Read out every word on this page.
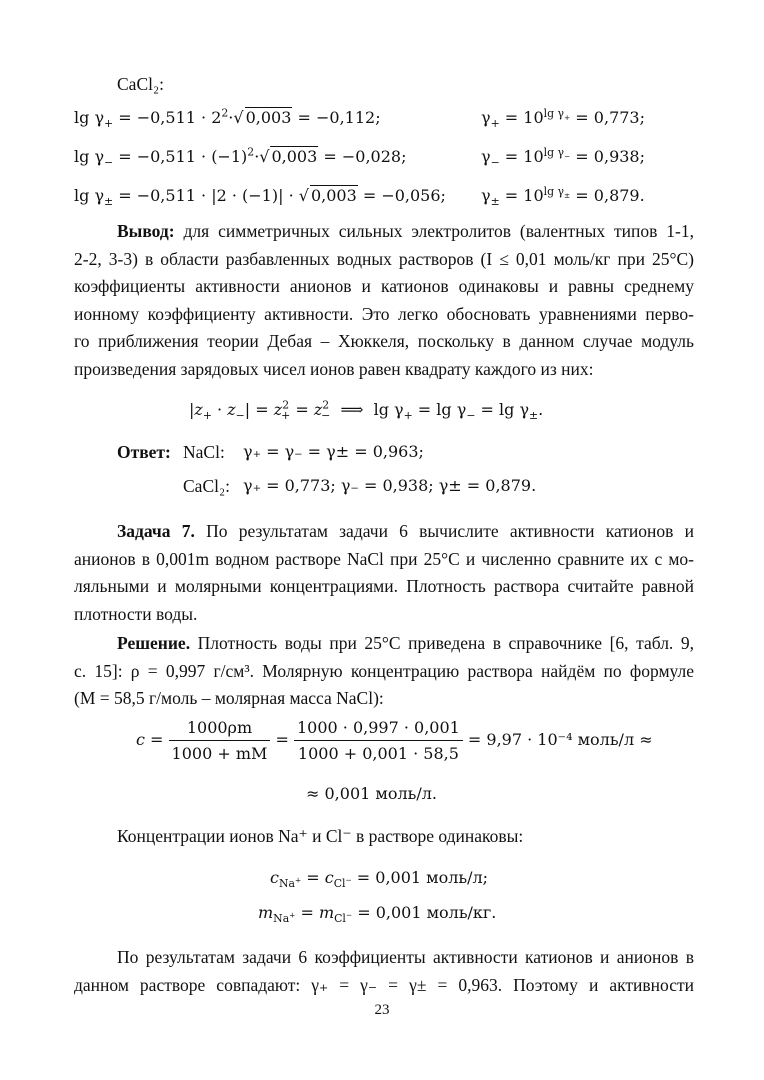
CaCl₂:
$\lg \gamma_+ = -0,511 \cdot 2^2\cdot√$ 0,003 = −0,112;	$\gamma_+ = 10^{lg \gamma_+} = 0,773$;
$\lg \gamma_- = -0,511 \cdot (-1)^2\cdot√$ 0,003 = −0,028;	$\gamma_- = 10^{lg \gamma_-} = 0,938$;
$\lg \gamma_\pm = -0,511 \cdot |2 \cdot (-1)|$ · √ 0,003 = −0,056; $\gamma_\pm = 10^{lg \gamma_\pm} = 0,879$.
Вывод: для симметричных сильных электролитов (валентных типов 1-1,
2-2, 3-3) в области разбавленных водных растворов (I ≤ 0,01 моль/кг при 25°C)
коэффициенты активности анионов и катионов одинаковы и равны среднему
ионному коэффициенту активности. Это легко обосновать уравнениями перво-
го приближения теории Дебая – Хюккеля, поскольку в данном случае модуль
произведения зарядовых чисел ионов равен квадрату каждого из них:
$|z_+ \cdot z_-| = z^2_+ = z^2_-$  ⟹  $\lg \gamma_+ = \lg \gamma_- = \lg \gamma_\pm$.
Ответ: NaCl: γ₊ = γ₋ = γ± = 0,963;
CaCl₂: γ₊ = 0,773; γ₋ = 0,938; γ± = 0,879.
Задача 7. По результатам задачи 6 вычислите активности катионов и
анионов в 0,001m водном растворе NaCl при 25°C и численно сравните их с мо-
ляльными и молярными концентрациями. Плотность раствора считайте равной
плотности воды.
Решение. Плотность воды при 25°C приведена в справочнике [6, табл. 9,
с. 15]: ρ = 0,997 г/см³. Молярную концентрацию раствора найдём по формуле
(M = 58,5 г/моль – молярная масса NaCl):
$c = \frac{1000\rho m}{1000 + mM} = \frac{1000 \cdot 0,997 \cdot 0,001}{1000 + 0,001 \cdot 58,5} = 9,97 \cdot 10^{-4}$ моль/л ≈
≈ 0,001 моль/л.
Концентрации ионов Na⁺ и Cl⁻ в растворе одинаковы:
$c_{Na^+} = c_{Cl^-} = 0,001$ моль/л;
$m_{Na^+} = m_{Cl^-} = 0,001$ моль/кг.
По результатам задачи 6 коэффициенты активности катионов и анионов в
данном растворе совпадают: γ₊ = γ₋ = γ± = 0,963. Поэтому и активности
23
